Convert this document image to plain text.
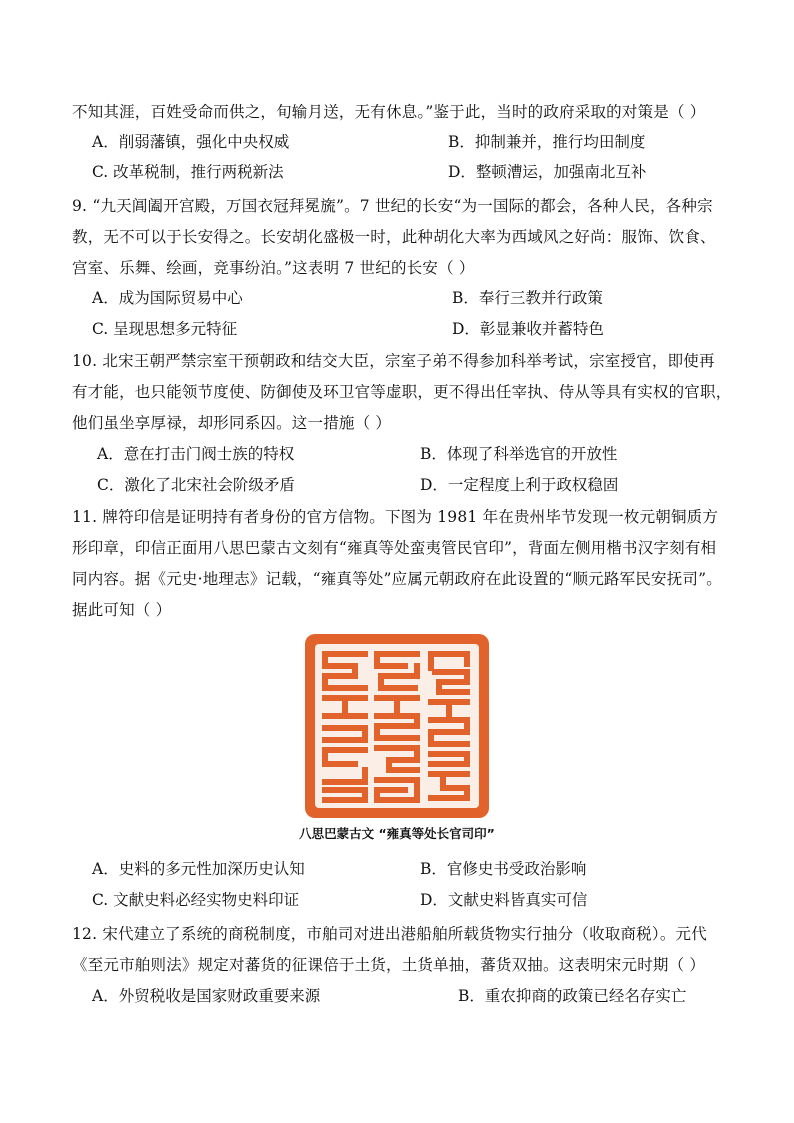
不知其涯，百姓受命而供之，旬输月送，无有休息。”鉴于此，当时的政府采取的对策是（ ）
A．削弱藩镇，强化中央权威	B．抑制兼并，推行均田制度
C. 改革税制，推行两税新法	D．整顿漕运，加强南北互补
9. “九天阊阖开宫殿，万国衣冠拜冕旒”。7 世纪的长安“为一国际的都会，各种人民，各种宗
教，无不可以于长安得之。长安胡化盛极一时，此种胡化大率为西域风之好尚：服饰、饮食、
宫室、乐舞、绘画，竞事纷泊。”这表明 7 世纪的长安（ ）
A．成为国际贸易中心	B．奉行三教并行政策
C. 呈现思想多元特征	D．彰显兼收并蓄特色
10. 北宋王朝严禁宗室干预朝政和结交大臣，宗室子弟不得参加科举考试，宗室授官，即使再
有才能，也只能领节度使、防御使及环卫官等虚职，更不得出任宰执、侍从等具有实权的官职，
他们虽坐享厚禄，却形同系囚。这一措施（ ）
A．意在打击门阀士族的特权	B．体现了科举选官的开放性
C．激化了北宋社会阶级矛盾	D．一定程度上利于政权稳固
11. 牌符印信是证明持有者身份的官方信物。下图为 1981 年在贵州毕节发现一枚元朝铜质方
形印章，印信正面用八思巴蒙古文刻有“雍真等处蛮夷管民官印”，背面左侧用楷书汉字刻有相
同内容。据《元史·地理志》记载，“雍真等处”应属元朝政府在此设置的“顺元路军民安抚司”。
据此可知（ ）
八思巴蒙古文 “雍真等处长官司印”
A．史料的多元性加深历史认知	B．官修史书受政治影响
C. 文献史料必经实物史料印证	D．文献史料皆真实可信
12. 宋代建立了系统的商税制度，市舶司对进出港船舶所载货物实行抽分（收取商税）。元代
《至元市舶则法》规定对蕃货的征课倍于土货，土货单抽，蕃货双抽。这表明宋元时期（ ）
A．外贸税收是国家财政重要来源	B．重农抑商的政策已经名存实亡
